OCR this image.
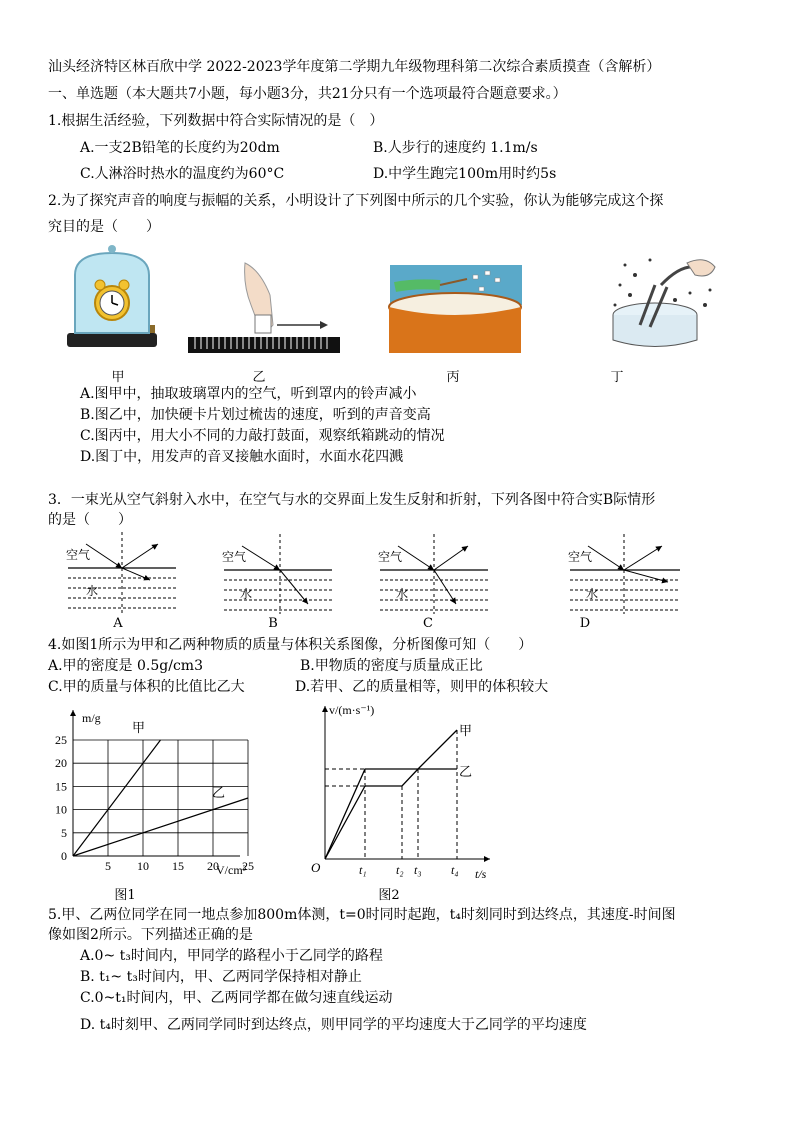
汕头经济特区林百欣中学 2022-2023学年度第二学期九年级物理科第二次综合素质摸查（含解析）
一、单选题（本大题共7小题，每小题3分，共21分只有一个选项最符合题意要求。）
1.根据生活经验，下列数据中符合实际情况的是（　）
A.一支2B铅笔的长度约为20dm	B.人步行的速度约 1.1m/s
C.人淋浴时热水的温度约为60°C	D.中学生跑完100m用时约5s
2.为了探究声音的响度与振幅的关系，小明设计了下列图中所示的几个实验，你认为能够完成这个探
究目的是（　　）
甲	乙	丙	丁
A.图甲中，抽取玻璃罩内的空气，听到罩内的铃声减小
B.图乙中，加快硬卡片划过梳齿的速度，听到的声音变高
C.图丙中，用大小不同的力敲打鼓面，观察纸箱跳动的情况
D.图丁中，用发声的音叉接触水面时，水面水花四溅
3．一束光从空气斜射入水中，在空气与水的交界面上发生反射和折射，下列各图中符合实B际情形
的是（　　）
空气
水
空气
水
空气
水
空气
水
A	B	C	D
4.如图1所示为甲和乙两种物质的质量与体积关系图像，分析图像可知（　　）
A.甲的密度是 0.5g/cm3	B.甲物质的密度与质量成正比
C.甲的质量与体积的比值比乙大	D.若甲、乙的质量相等，则甲的体积较大
0
5
10
15
20
25
5 10 15 20 25
m/g
V/cm³
甲
乙
图1
O
v/(m·s⁻¹)
t/s
t₁ t₂ t₃ t₄
甲
乙
图2
5.甲、乙两位同学在同一地点参加800m体测，t=0时同时起跑，t₄时刻同时到达终点，其速度-时间图
像如图2所示。下列描述正确的是
A.0~ t₃时间内，甲同学的路程小于乙同学的路程
B. t₁~ t₃时间内，甲、乙两同学保持相对静止
C.0~t₁时间内，甲、乙两同学都在做匀速直线运动
D. t₄时刻甲、乙两同学同时到达终点，则甲同学的平均速度大于乙同学的平均速度
